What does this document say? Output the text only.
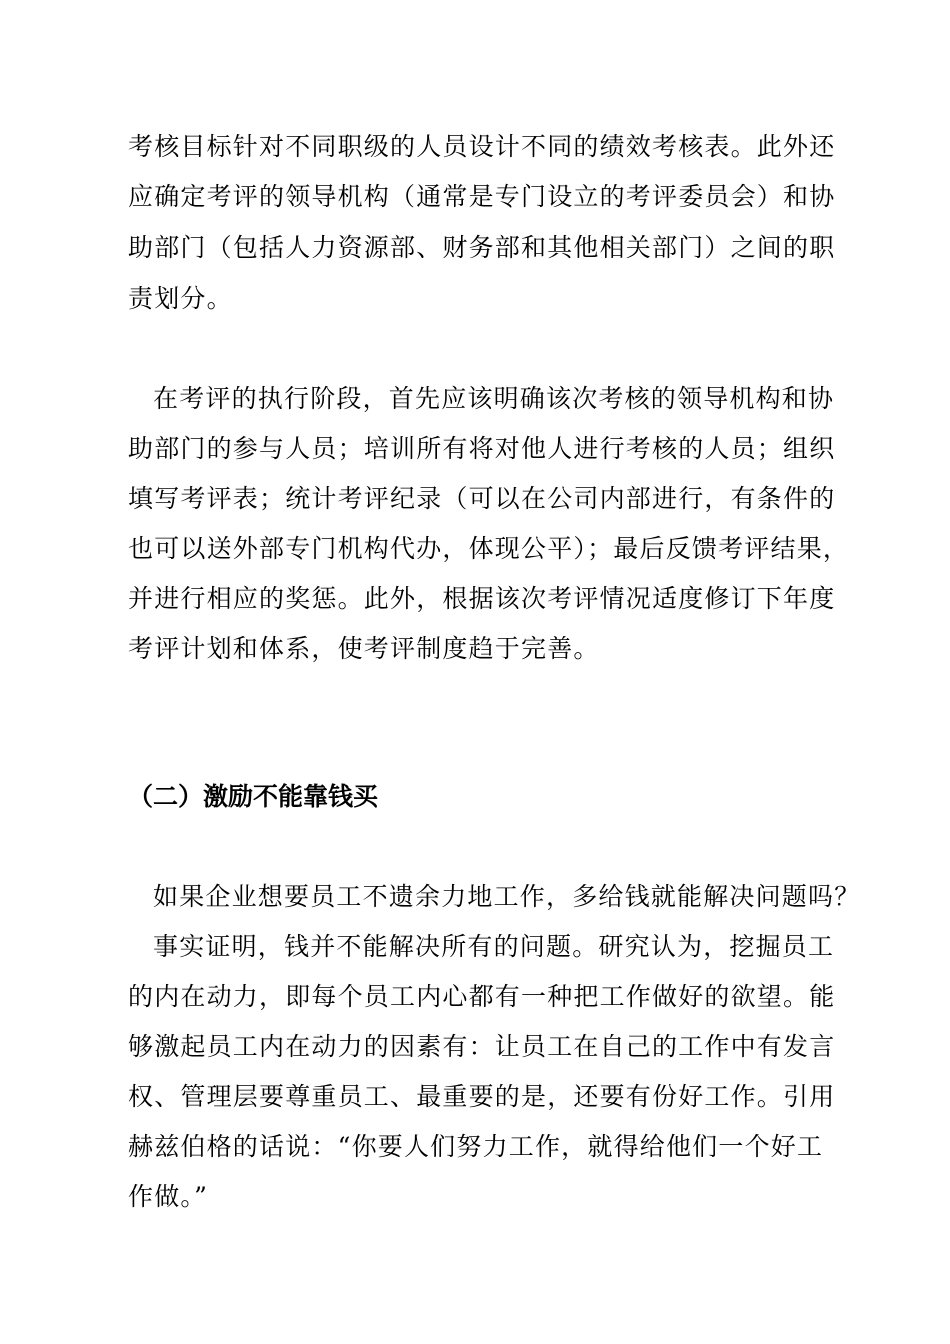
考核目标针对不同职级的人员设计不同的绩效考核表。此外还
应确定考评的领导机构（通常是专门设立的考评委员会）和协
助部门（包括人力资源部、财务部和其他相关部门）之间的职
责划分。
在考评的执行阶段，首先应该明确该次考核的领导机构和协
助部门的参与人员；培训所有将对他人进行考核的人员；组织
填写考评表；统计考评纪录（可以在公司内部进行，有条件的
也可以送外部专门机构代办，体现公平）；最后反馈考评结果，
并进行相应的奖惩。此外，根据该次考评情况适度修订下年度
考评计划和体系，使考评制度趋于完善。
（二）激励不能靠钱买
如果企业想要员工不遗余力地工作，多给钱就能解决问题吗？
事实证明，钱并不能解决所有的问题。研究认为，挖掘员工
的内在动力，即每个员工内心都有一种把工作做好的欲望。能
够激起员工内在动力的因素有：让员工在自己的工作中有发言
权、管理层要尊重员工、最重要的是，还要有份好工作。引用
赫兹伯格的话说：“你要人们努力工作，就得给他们一个好工
作做。”
